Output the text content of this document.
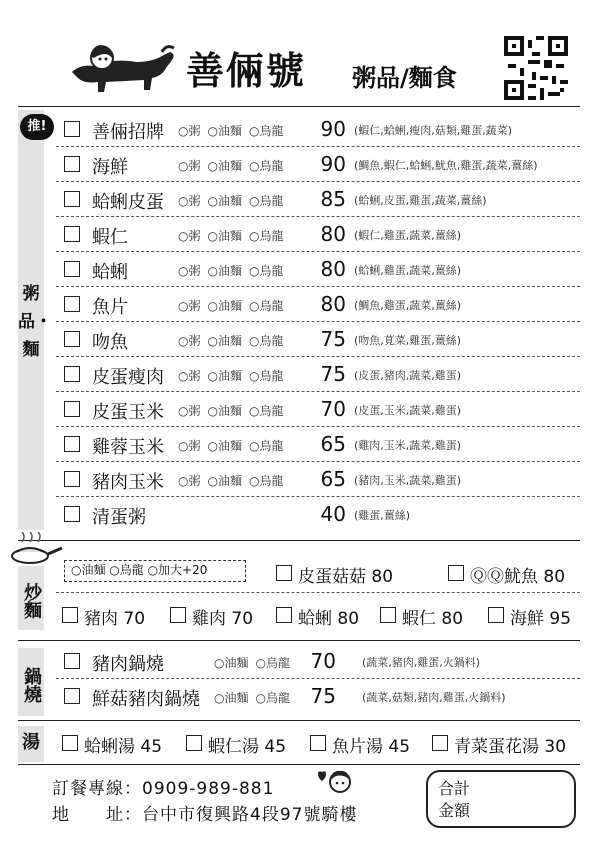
善倆號 粥品/麵食
粥品・麵
推!	善倆招牌 ○粥 ○油麵 ○烏龍	90 (蝦仁,蛤蜊,瘦肉,菇類,雞蛋,蔬菜)
海鮮	○粥 ○油麵 ○烏龍	90 (鯛魚,蝦仁,蛤蜊,魷魚,雞蛋,蔬菜,薑絲)
蛤蜊皮蛋 ○粥 ○油麵 ○烏龍	85 (蛤蜊,皮蛋,雞蛋,蔬菜,薑絲)
蝦仁	○粥 ○油麵 ○烏龍	80 (蝦仁,雞蛋,蔬菜,薑絲)
蛤蜊	○粥 ○油麵 ○烏龍	80 (蛤蜊,雞蛋,蔬菜,薑絲)
魚片	○粥 ○油麵 ○烏龍	80 (鯛魚,雞蛋,蔬菜,薑絲)
吻魚	○粥 ○油麵 ○烏龍	75 (吻魚,莧菜,雞蛋,薑絲)
皮蛋瘦肉 ○粥 ○油麵 ○烏龍	75 (皮蛋,豬肉,蔬菜,雞蛋)
皮蛋玉米 ○粥 ○油麵 ○烏龍	70 (皮蛋,玉米,蔬菜,雞蛋)
雞蓉玉米 ○粥 ○油麵 ○烏龍	65 (雞肉,玉米,蔬菜,雞蛋)
豬肉玉米 ○粥 ○油麵 ○烏龍	65 (豬肉,玉米,蔬菜,雞蛋)
清蛋粥	40 (雞蛋,薑絲)
炒麵
○油麵 ○烏龍 ○加大+20	皮蛋菇菇 80	ⓆⓆ魷魚 80
豬肉 70	雞肉 70	蛤蜊 80	蝦仁 80	海鮮 95
鍋燒
豬肉鍋燒	○油麵 ○烏龍	70 (蔬菜,豬肉,雞蛋,火鍋料)
鮮菇豬肉鍋燒 ○油麵 ○烏龍	75 (蔬菜,菇類,豬肉,雞蛋,火鍋料)
湯	蛤蜊湯 45	蝦仁湯 45	魚片湯 45	青菜蛋花湯 30
訂餐專線：0909-989-881
地　　址：台中市復興路4段97號騎樓
合計
金額
